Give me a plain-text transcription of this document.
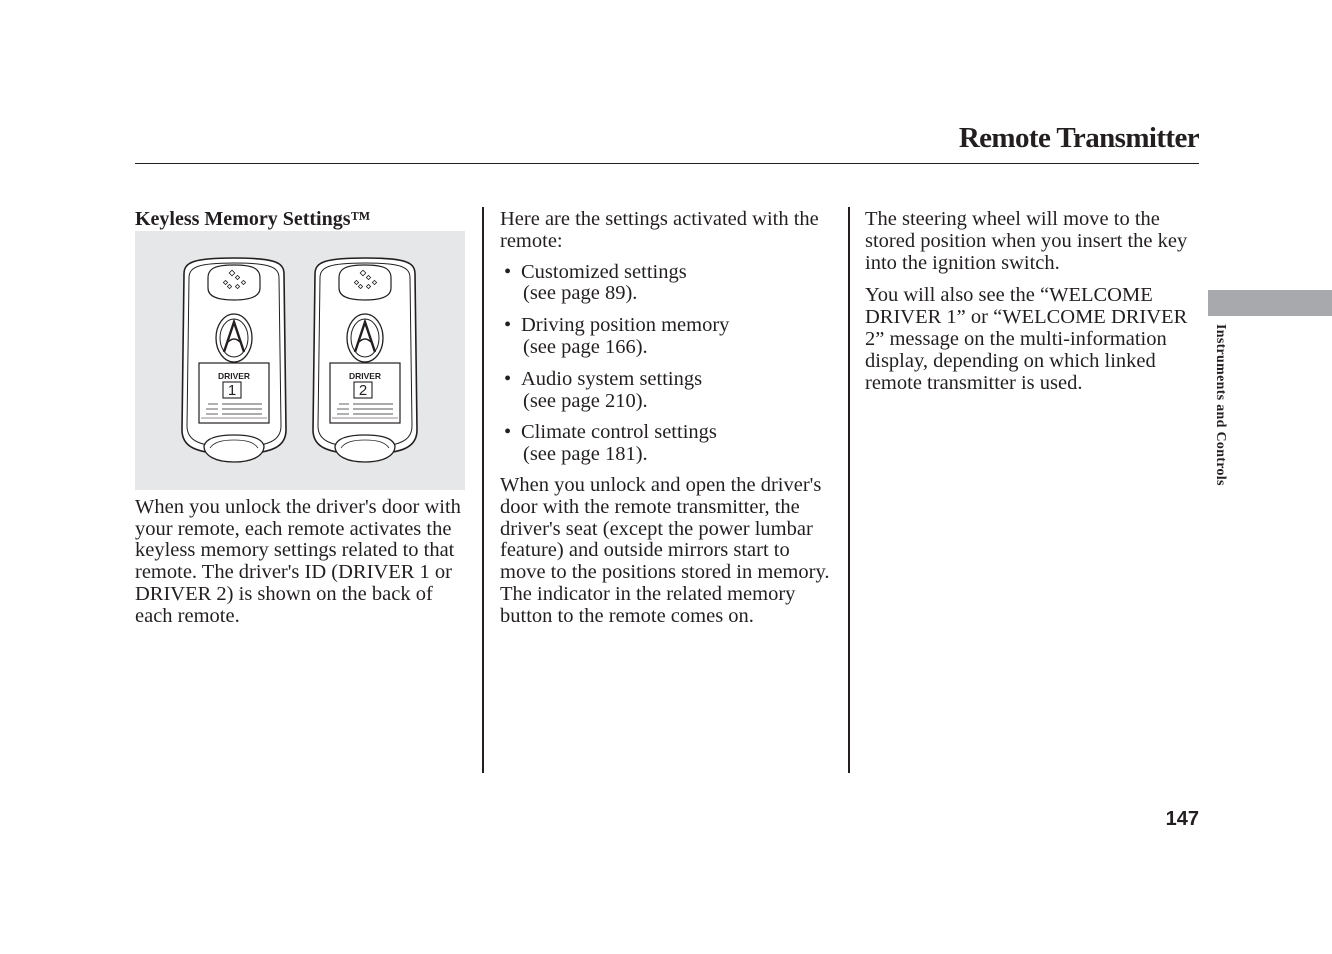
Remote Transmitter

Keyless Memory Settings™

DRIVER
1
DRIVER
2

When you unlock the driver's door with your remote, each remote activates the keyless memory settings related to that remote. The driver's ID (DRIVER 1 or DRIVER 2) is shown on the back of each remote.

Here are the settings activated with the remote:

• Customized settings
(see page 89).
• Driving position memory
(see page 166).
• Audio system settings
(see page 210).
• Climate control settings
(see page 181).

When you unlock and open the driver's door with the remote transmitter, the driver's seat (except the power lumbar feature) and outside mirrors start to move to the positions stored in memory. The indicator in the related memory button to the remote comes on.

The steering wheel will move to the stored position when you insert the key into the ignition switch.

You will also see the “WELCOME DRIVER 1” or “WELCOME DRIVER 2” message on the multi-information display, depending on which linked remote transmitter is used.	Instruments and Controls
147
